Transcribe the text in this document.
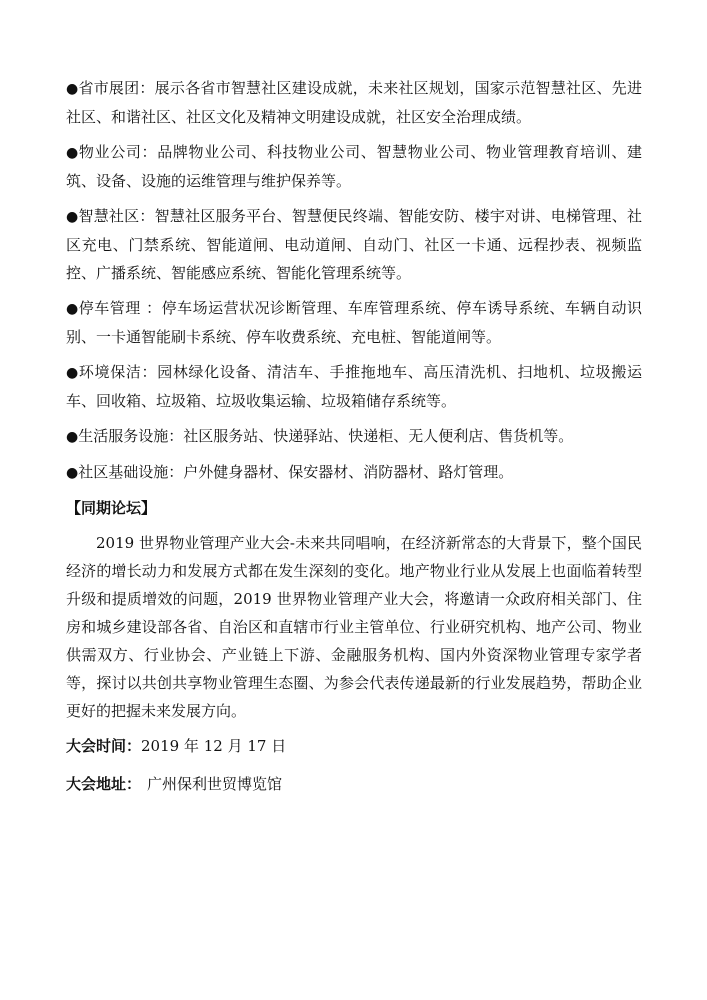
●省市展团：展示各省市智慧社区建设成就，未来社区规划，国家示范智慧社区、先进社区、和谐社区、社区文化及精神文明建设成就，社区安全治理成绩。
●物业公司：品牌物业公司、科技物业公司、智慧物业公司、物业管理教育培训、建筑、设备、设施的运维管理与维护保养等。
●智慧社区：智慧社区服务平台、智慧便民终端、智能安防、楼宇对讲、电梯管理、社区充电、门禁系统、智能道闸、电动道闸、自动门、社区一卡通、远程抄表、视频监控、广播系统、智能感应系统、智能化管理系统等。
●停车管理 ：停车场运营状况诊断管理、车库管理系统、停车诱导系统、车辆自动识别、一卡通智能刷卡系统、停车收费系统、充电桩、智能道闸等。
●环境保洁：园林绿化设备、清洁车、手推拖地车、高压清洗机、扫地机、垃圾搬运车、回收箱、垃圾箱、垃圾收集运输、垃圾箱储存系统等。
●生活服务设施：社区服务站、快递驿站、快递柜、无人便利店、售货机等。
●社区基础设施：户外健身器材、保安器材、消防器材、路灯管理。
【同期论坛】

2019 世界物业管理产业大会-未来共同唱响，在经济新常态的大背景下，整个国民经济的增长动力和发展方式都在发生深刻的变化。地产物业行业从发展上也面临着转型升级和提质增效的问题，2019 世界物业管理产业大会，将邀请一众政府相关部门、住房和城乡建设部各省、自治区和直辖市行业主管单位、行业研究机构、地产公司、物业供需双方、行业协会、产业链上下游、金融服务机构、国内外资深物业管理专家学者等，探讨以共创共享物业管理生态圈、为参会代表传递最新的行业发展趋势，帮助企业更好的把握未来发展方向。

大会时间：2019 年 12 月 17 日
大会地址： 广州保利世贸博览馆
